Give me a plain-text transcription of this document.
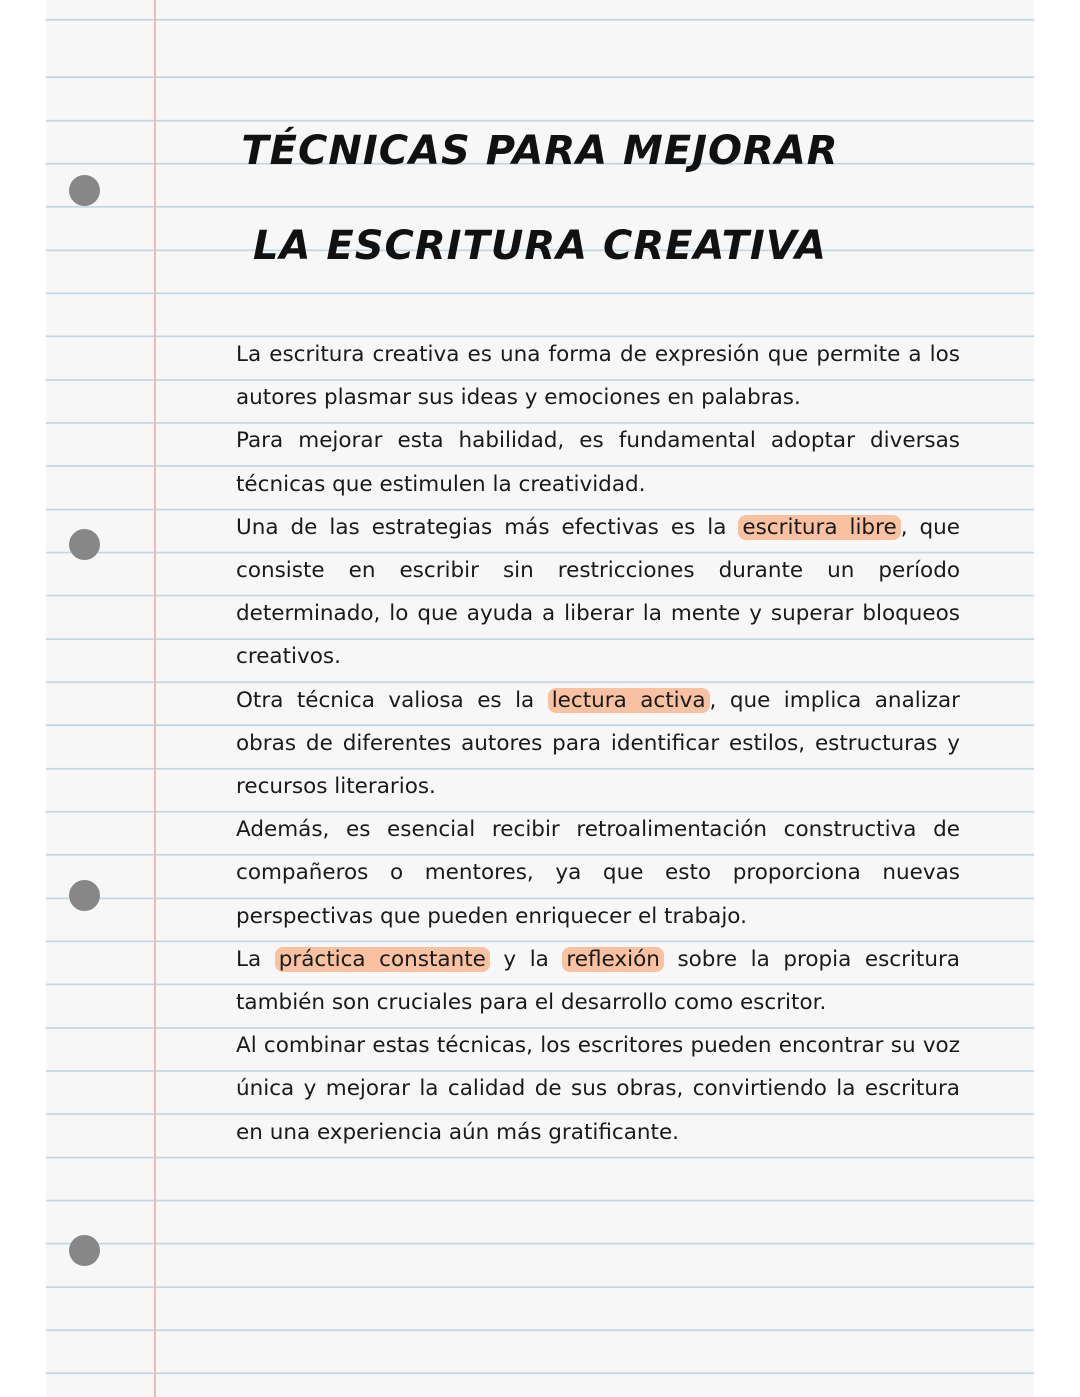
TÉCNICAS PARA MEJORAR
LA ESCRITURA CREATIVA

La escritura creativa es una forma de expresión que permite a los autores plasmar sus ideas y emociones en palabras.

Para mejorar esta habilidad, es fundamental adoptar diversas técnicas que estimulen la creatividad.

Una de las estrategias más efectivas es la escritura libre , que consiste en escribir sin restricciones durante un período determinado, lo que ayuda a liberar la mente y superar bloqueos creativos.

Otra técnica valiosa es la lectura activa , que implica analizar obras de diferentes autores para identificar estilos, estructuras y recursos literarios.

Además, es esencial recibir retroalimentación constructiva de compañeros o mentores, ya que esto proporciona nuevas perspectivas que pueden enriquecer el trabajo.

La práctica constante y la reflexión sobre la propia escritura también son cruciales para el desarrollo como escritor.

Al combinar estas técnicas, los escritores pueden encontrar su voz única y mejorar la calidad de sus obras, convirtiendo la escritura en una experiencia aún más gratificante.
